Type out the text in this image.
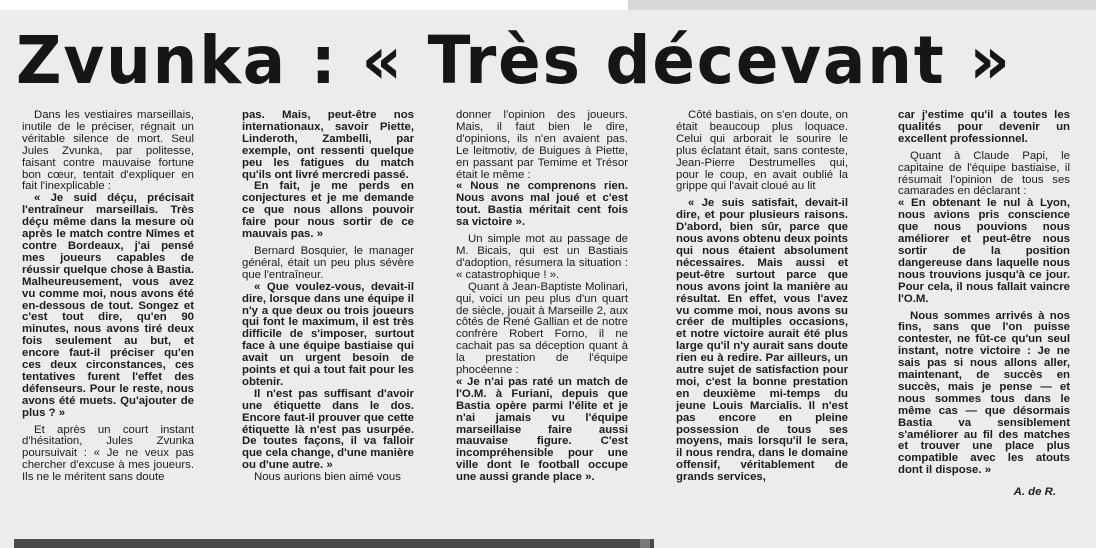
Zvunka : « Très décevant »

Dans les vestiaires marseillais, inutile de le préciser, régnait un véritable silence de mort. Seul Jules Zvunka, par politesse, faisant contre mauvaise fortune bon cœur, tentait d'expliquer en fait l'inexplicable :

« Je suid déçu, précisait l'entraîneur marseillais. Très déçu même dans la mesure où après le match contre Nîmes et contre Bordeaux, j'ai pensé mes joueurs capables de réussir quelque chose à Bastia. Malheureusement, vous avez vu comme moi, nous avons été en-dessous de tout. Songez et c'est tout dire, qu'en 90 minutes, nous avons tiré deux fois seulement au but, et encore faut-il préciser qu'en ces deux circonstances, ces tentatives furent l'effet des défenseurs. Pour le reste, nous avons été muets. Qu'ajouter de plus ? »

Et après un court instant d'hésitation, Jules Zvunka poursuivait : « Je ne veux pas chercher d'excuse à mes joueurs. Ils ne le méritent sans doute

pas. Mais, peut-être nos internationaux, savoir Piette, Linderoth, Zambelli, par exemple, ont ressenti quelque peu les fatigues du match qu'ils ont livré mercredi passé.

En fait, je me perds en conjectures et je me demande ce que nous allons pouvoir faire pour nous sortir de ce mauvais pas. »

Bernard Bosquier, le manager général, était un peu plus sévère que l'entraîneur.

« Que voulez-vous, devait-il dire, lorsque dans une équipe il n'y a que deux ou trois joueurs qui font le maximum, il est très difficile de s'imposer, surtout face à une équipe bastiaise qui avait un urgent besoin de points et qui a tout fait pour les obtenir.

Il n'est pas suffisant d'avoir une étiquette dans le dos. Encore faut-il prouver que cette étiquette là n'est pas usurpée. De toutes façons, il va falloir que cela change, d'une manière ou d'une autre. »

Nous aurions bien aimé vous

donner l'opinion des joueurs. Mais, il faut bien le dire, d'opinions, ils n'en avaient pas. Le leitmotiv, de Buigues à Piette, en passant par Temime et Trésor était le même :

« Nous ne comprenons rien. Nous avons mal joué et c'est tout. Bastia méritait cent fois sa victoire ».

Un simple mot au passage de M. Bicais, qui est un Bastiais d'adoption, résumera la situation : « catastrophique ! ».

Quant à Jean-Baptiste Molinari, qui, voici un peu plus d'un quart de siècle, jouait à Marseille 2, aux côtés de René Gallian et de notre confrère Robert Forno, il ne cachait pas sa déception quant à la prestation de l'équipe phocéenne :

« Je n'ai pas raté un match de l'O.M. à Furiani, depuis que Bastia opère parmi l'élite et je n'ai jamais vu l'équipe marseillaise faire aussi mauvaise figure. C'est incompréhensible pour une ville dont le football occupe une aussi grande place ».

Côté bastiais, on s'en doute, on était beaucoup plus loquace. Celui qui arborait le sourire le plus éclatant était, sans conteste, Jean-Pierre Destrumelles qui, pour le coup, en avait oublié la grippe qui l'avait cloué au lit

« Je suis satisfait, devait-il dire, et pour plusieurs raisons. D'abord, bien sûr, parce que nous avons obtenu deux points qui nous étaient absolument nécessaires. Mais aussi et peut-être surtout parce que nous avons joint la manière au résultat. En effet, vous l'avez vu comme moi, nous avons su créer de multiples occasions, et notre victoire aurait été plus large qu'il n'y aurait sans doute rien eu à redire. Par ailleurs, un autre sujet de satisfaction pour moi, c'est la bonne prestation en deuxième mi-temps du jeune Louis Marcialis. Il n'est pas encore en pleine possession de tous ses moyens, mais lorsqu'il le sera, il nous rendra, dans le domaine offensif, véritablement de grands services,

car j'estime qu'il a toutes les qualités pour devenir un excellent professionnel.

Quant à Claude Papi, le capitaine de l'équipe bastiaise, il résumait l'opinion de tous ses camarades en déclarant :

« En obtenant le nul à Lyon, nous avions pris conscience que nous pouvions nous améliorer et peut-être nous sortir de la position dangereuse dans laquelle nous nous trouvions jusqu'à ce jour. Pour cela, il nous fallait vaincre l'O.M.

Nous sommes arrivés à nos fins, sans que l'on puisse contester, ne fût-ce qu'un seul instant, notre victoire : Je ne sais pas si nous allons aller, maintenant, de succès en succès, mais je pense — et nous sommes tous dans le même cas — que désormais Bastia va sensiblement s'améliorer au fil des matches et trouver une place plus compatible avec les atouts dont il dispose. »

A. de R.
